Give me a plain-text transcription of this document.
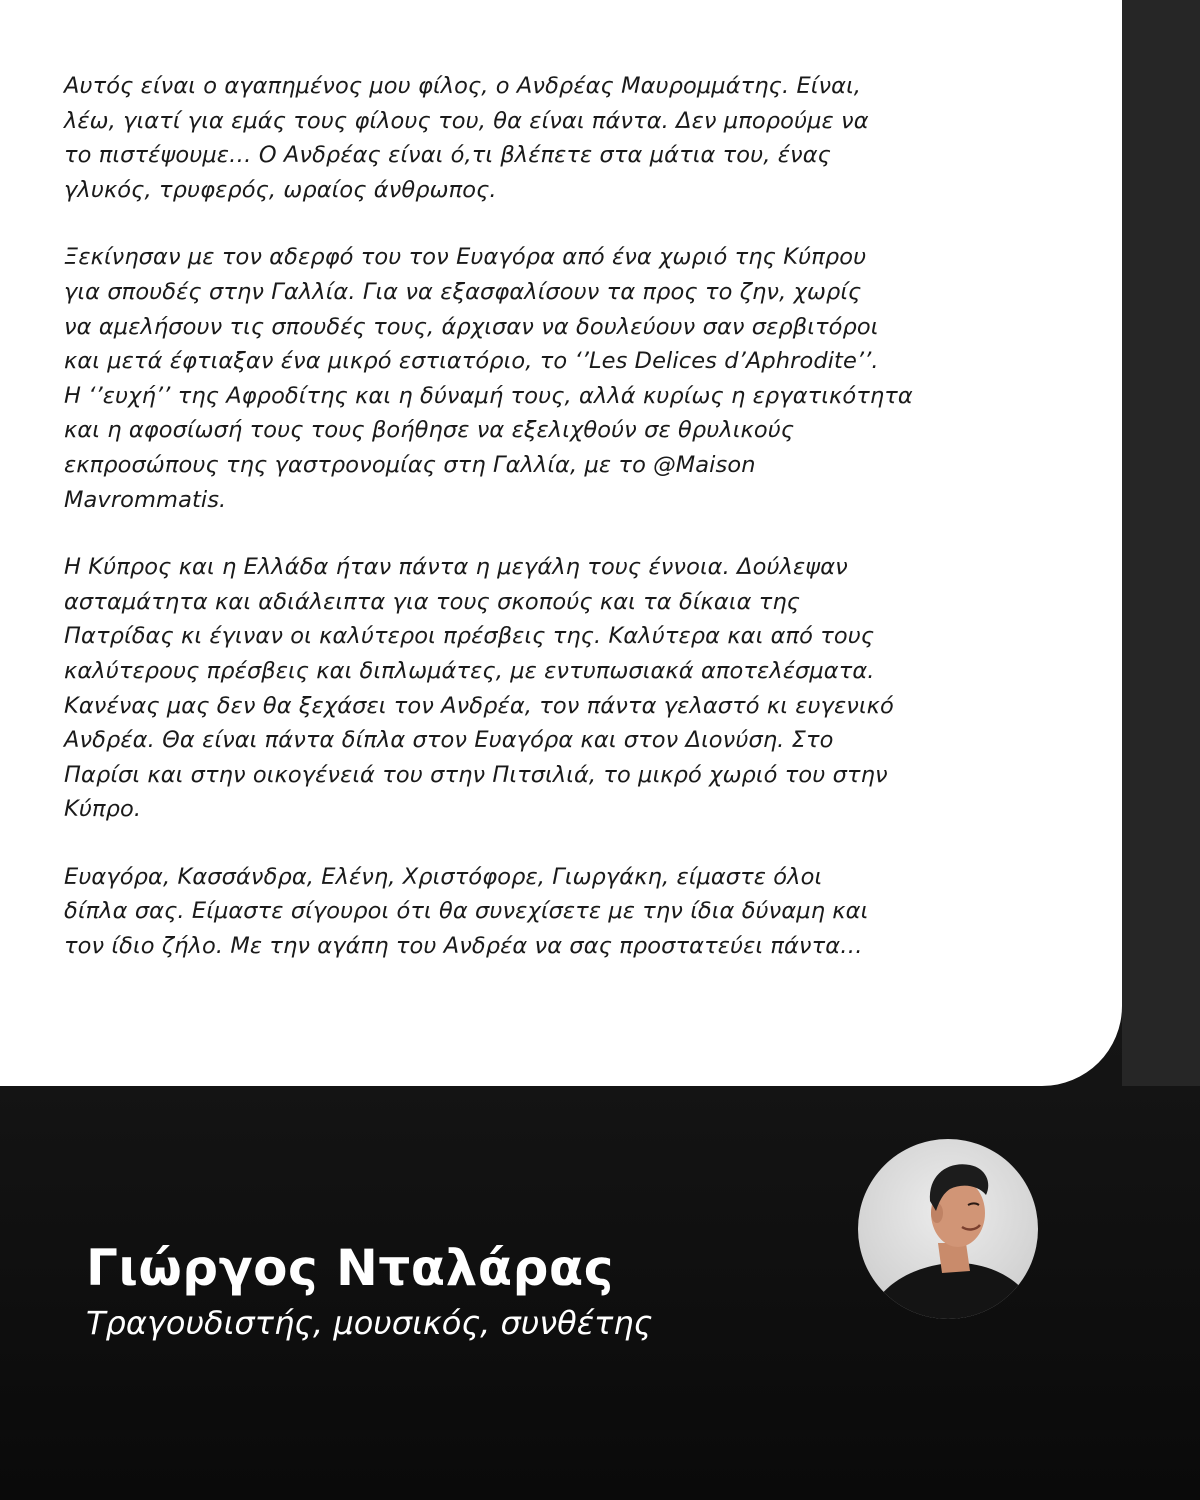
Αυτός είναι ο αγαπημένος μου φίλος, ο Ανδρέας Μαυρομμάτης. Είναι,
λέω, γιατί για εμάς τους φίλους του, θα είναι πάντα. Δεν μπορούμε να
το πιστέψουμε… Ο Ανδρέας είναι ό,τι βλέπετε στα μάτια του, ένας
γλυκός, τρυφερός, ωραίος άνθρωπος.

Ξεκίνησαν με τον αδερφό του τον Ευαγόρα από ένα χωριό της Κύπρου
για σπουδές στην Γαλλία. Για να εξασφαλίσουν τα προς το ζην, χωρίς
να αμελήσουν τις σπουδές τους, άρχισαν να δουλεύουν σαν σερβιτόροι
και μετά έφτιαξαν ένα μικρό εστιατόριο, το ‘’Les Delices d’Aphrodite’’.
Η ‘’ευχή’’ της Αφροδίτης και η δύναμή τους, αλλά κυρίως η εργατικότητα
και η αφοσίωσή τους τους βοήθησε να εξελιχθούν σε θρυλικούς
εκπροσώπους της γαστρονομίας στη Γαλλία, με το @Maison
Mavrommatis.

Η Κύπρος και η Ελλάδα ήταν πάντα η μεγάλη τους έννοια. Δούλεψαν
ασταμάτητα και αδιάλειπτα για τους σκοπούς και τα δίκαια της
Πατρίδας κι έγιναν οι καλύτεροι πρέσβεις της. Καλύτερα και από τους
καλύτερους πρέσβεις και διπλωμάτες, με εντυπωσιακά αποτελέσματα.
Κανένας μας δεν θα ξεχάσει τον Ανδρέα, τον πάντα γελαστό κι ευγενικό
Ανδρέα. Θα είναι πάντα δίπλα στον Ευαγόρα και στον Διονύση. Στο
Παρίσι και στην οικογένειά του στην Πιτσιλιά, το μικρό χωριό του στην
Κύπρο.

Ευαγόρα, Κασσάνδρα, Ελένη, Χριστόφορε, Γιωργάκη, είμαστε όλοι
δίπλα σας. Είμαστε σίγουροι ότι θα συνεχίσετε με την ίδια δύναμη και
τον ίδιο ζήλο. Με την αγάπη του Ανδρέα να σας προστατεύει πάντα…

Γιώργος Νταλάρας
Τραγουδιστής, μουσικός, συνθέτης
